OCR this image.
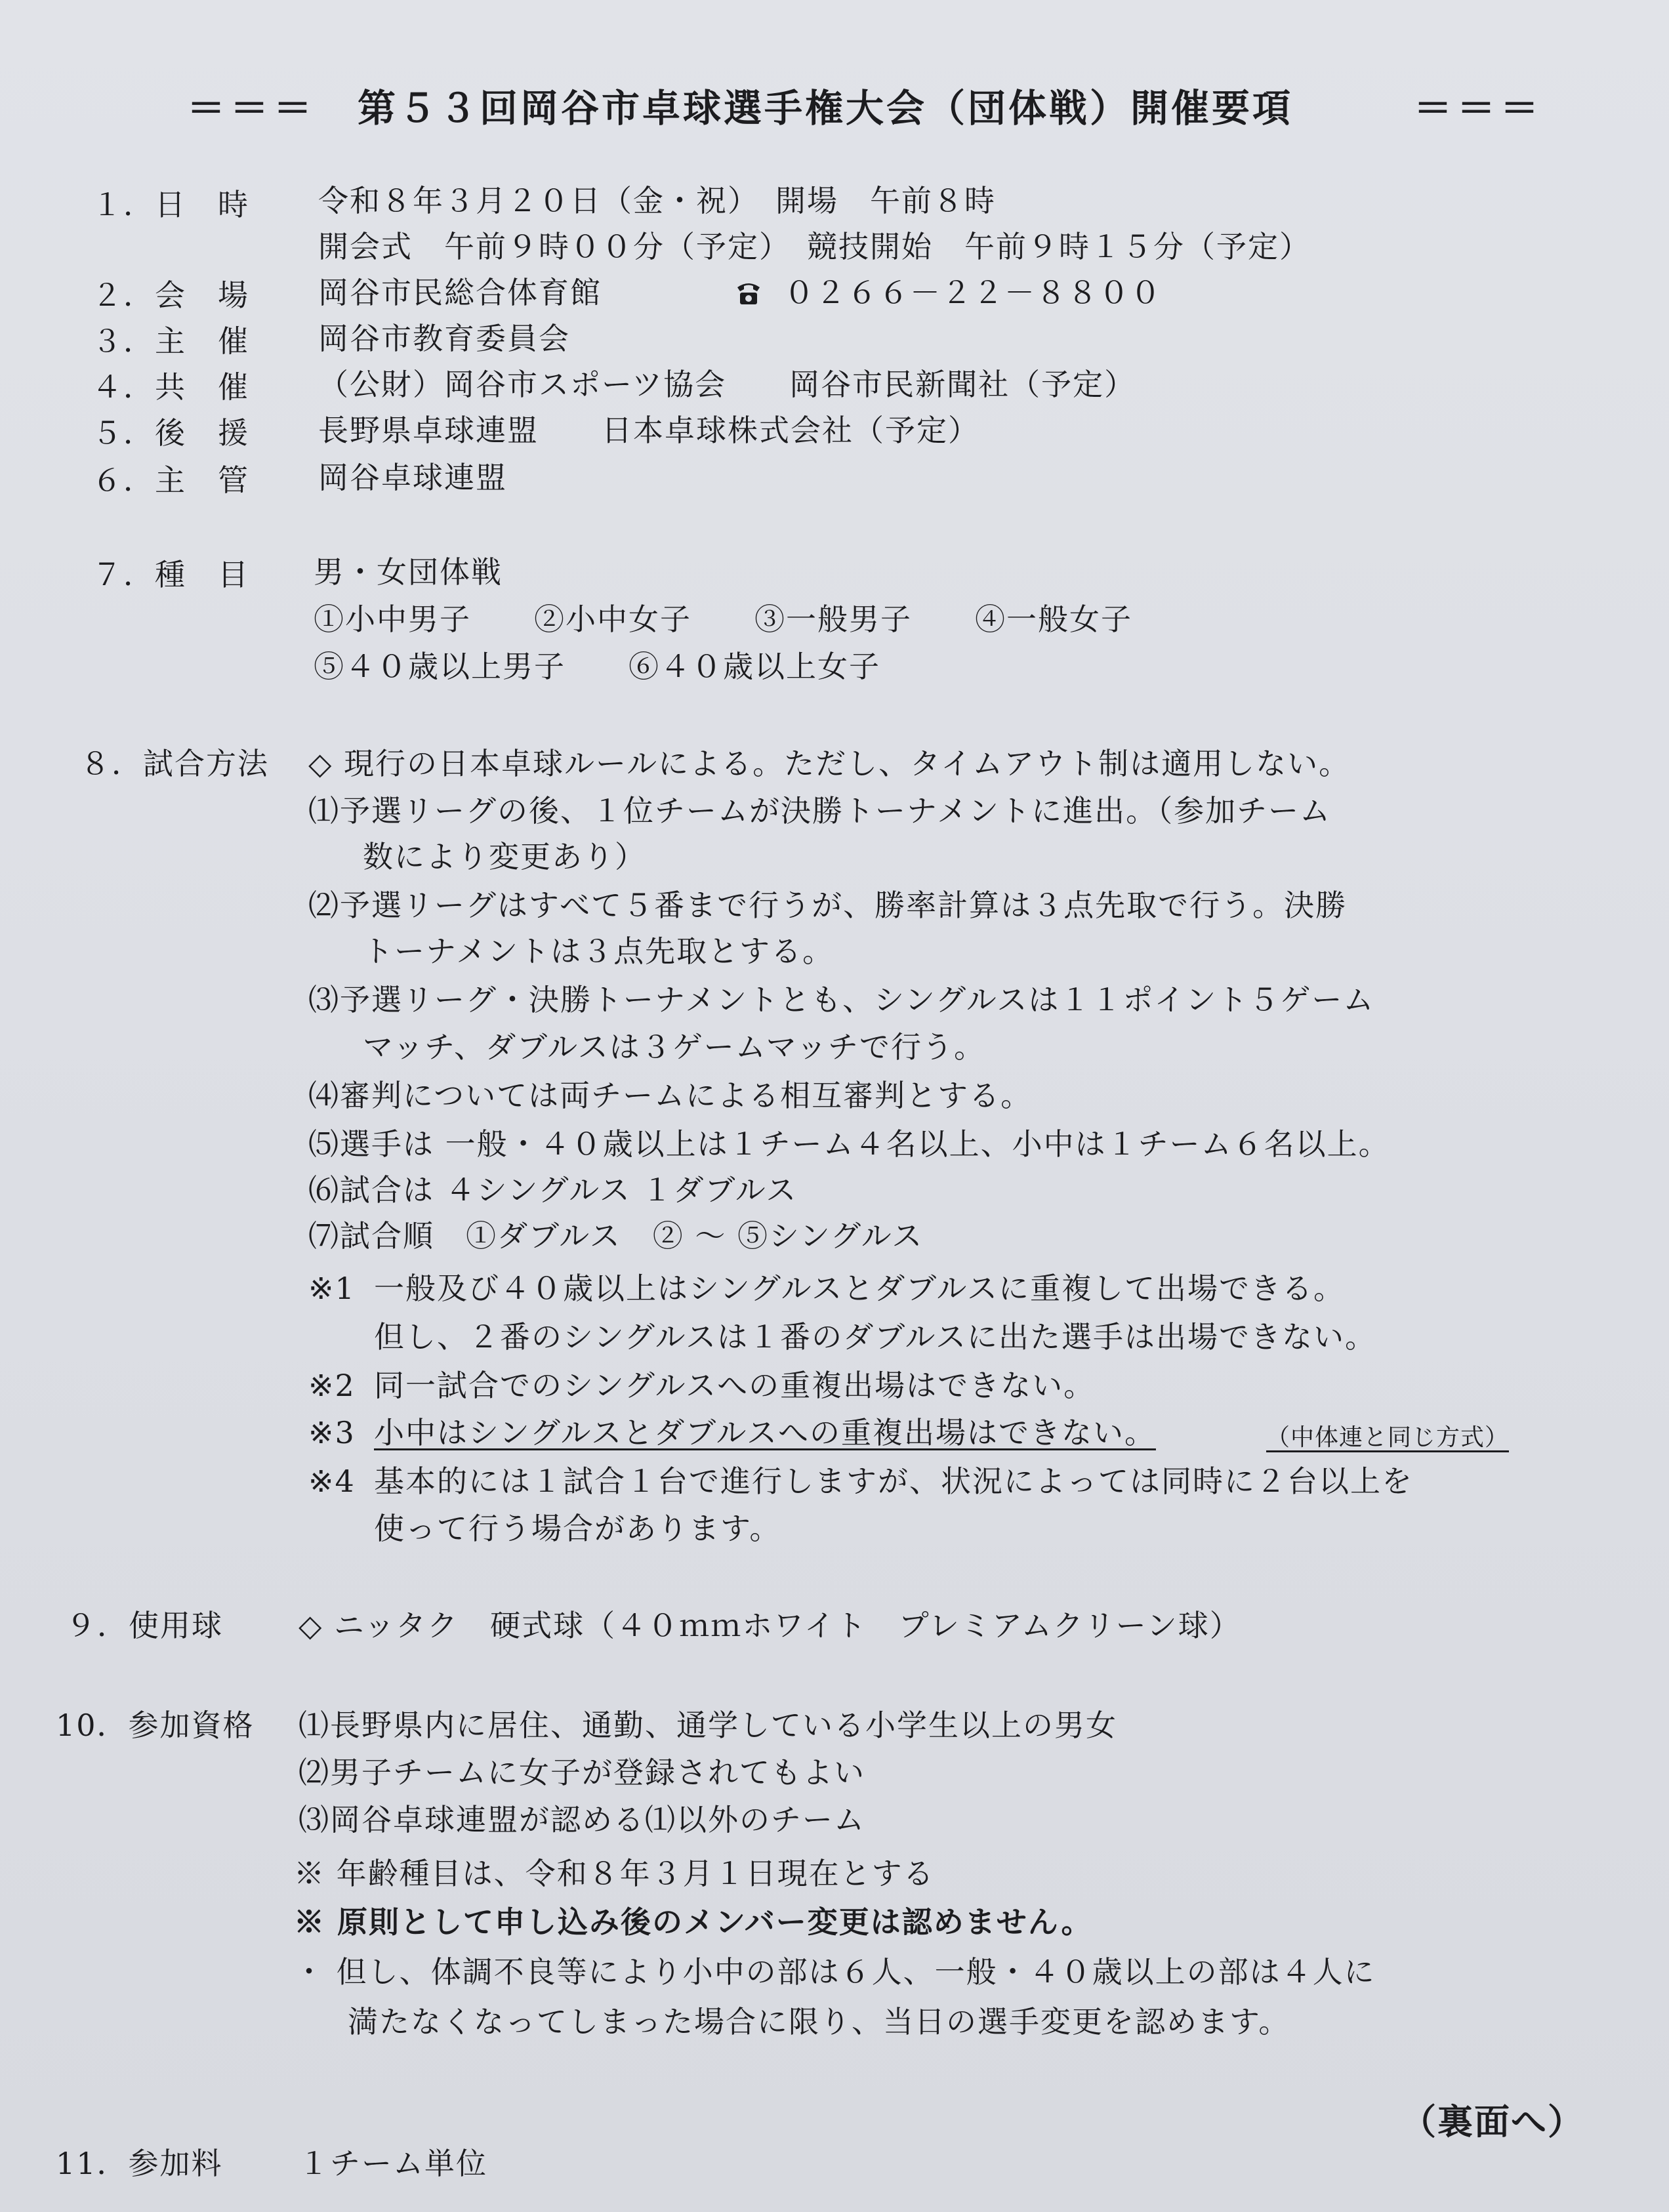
＝＝＝ 第５３回岡谷市卓球選手権大会（団体戦）開催要項	＝＝＝
１．日　時 令和８年３月２０日（金・祝）　開場　午前８時
開会式　午前９時００分（予定）　競技開始　午前９時１５分（予定）
２．会　場 岡谷市民総合体育館	０２６６－２２－８８００
３．主　催 岡谷市教育委員会
４．共　催 （公財）岡谷市スポーツ協会　　岡谷市民新聞社（予定）
５．後　援 長野県卓球連盟　　日本卓球株式会社（予定）
６．主　管 岡谷卓球連盟
７．種　目 男・女団体戦
①小中男子　　②小中女子　　③一般男子　　④一般女子
⑤４０歳以上男子　　⑥４０歳以上女子
８．試合方法 ◇ 現行の日本卓球ルールによる。ただし、タイムアウト制は適用しない。
⑴予選リーグの後、１位チームが決勝トーナメントに進出。（参加チーム
数により変更あり）
⑵予選リーグはすべて５番まで行うが、勝率計算は３点先取で行う。決勝
トーナメントは３点先取とする。
⑶予選リーグ・決勝トーナメントとも、シングルスは１１ポイント５ゲーム
マッチ、ダブルスは３ゲームマッチで行う。
⑷審判については両チームによる相互審判とする。
⑸選手は 一般・４０歳以上は１チーム４名以上、小中は１チーム６名以上。
⑹試合は ４シングルス １ダブルス
⑺試合順　①ダブルス　② ～ ⑤シングルス
※1 一般及び４０歳以上はシングルスとダブルスに重複して出場できる。
但し、２番のシングルスは１番のダブルスに出た選手は出場できない。
※2 同一試合でのシングルスへの重複出場はできない。
※3 小中はシングルスとダブルスへの重複出場はできない。	（中体連と同じ方式）
※4 基本的には１試合１台で進行しますが、状況によっては同時に２台以上を
使って行う場合があります。
９．使用球	◇ ニッタク　硬式球（４０ｍｍホワイト　プレミアムクリーン球）
10．参加資格 ⑴長野県内に居住、通勤、通学している小学生以上の男女
⑵男子チームに女子が登録されてもよい
⑶岡谷卓球連盟が認める⑴以外のチーム
※ 年齢種目は、令和８年３月１日現在とする
※ 原則として申し込み後のメンバー変更は認めません。
・ 但し、体調不良等により小中の部は６人、一般・４０歳以上の部は４人に
満たなくなってしまった場合に限り、当日の選手変更を認めます。
（裏面へ）
11．参加料	１チーム単位
